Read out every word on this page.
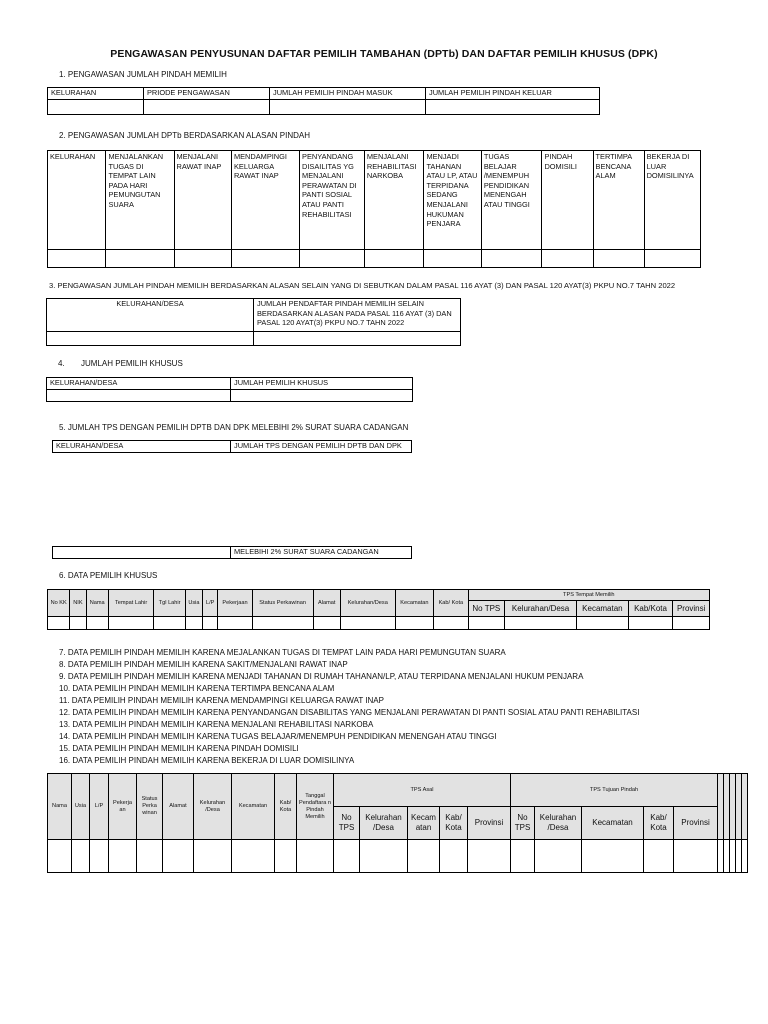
PENGAWASAN PENYUSUNAN DAFTAR PEMILIH TAMBAHAN (DPTb) DAN DAFTAR PEMILIH KHUSUS (DPK)
1. PENGAWASAN JUMLAH PINDAH MEMILIH
KELURAHAN	PRIODE PENGAWASAN	JUMLAH PEMILIH PINDAH MASUK	JUMLAH PEMILIH PINDAH KELUAR

2. PENGAWASAN JUMLAH DPTb BERDASARKAN ALASAN PINDAH
KELURAHAN	MENJALANKAN TUGAS DI TEMPAT LAIN PADA HARI PEMUNGUTAN SUARA	MENJALANI RAWAT INAP	MENDAMPINGI KELUARGA RAWAT INAP	PENYANDANG DISAILITAS YG MENJALANI PERAWATAN DI PANTI SOSIAL ATAU PANTI REHABILITASI	MENJALANI REHABILITASI NARKOBA	MENJADI TAHANAN ATAU LP, ATAU TERPIDANA SEDANG MENJALANI HUKUMAN PENJARA	TUGAS BELAJAR /MENEMPUH PENDIDIKAN MENENGAH ATAU TINGGI	PINDAH DOMISILI	TERTIMPA BENCANA ALAM	BEKERJA DI LUAR DOMISILINYA

3. PENGAWASAN JUMLAH PINDAH MEMILIH BERDASARKAN ALASAN SELAIN YANG DI SEBUTKAN DALAM PASAL 116 AYAT (3) DAN PASAL 120 AYAT(3) PKPU NO.7 TAHN 2022
KELURAHAN/DESA	JUMLAH PENDAFTAR PINDAH MEMILIH SELAIN BERDASARKAN ALASAN PADA PASAL 116 AYAT (3) DAN PASAL 120 AYAT(3) PKPU NO.7 TAHN 2022

4. JUMLAH PEMILIH KHUSUS
KELURAHAN/DESA	JUMLAH PEMILIH KHUSUS

5. JUMLAH TPS DENGAN PEMILIH DPTB DAN DPK MELEBIHI 2% SURAT SUARA CADANGAN
KELURAHAN/DESA	JUMLAH TPS DENGAN PEMILIH DPTB DAN DPK
	MELEBIHI 2% SURAT SUARA CADANGAN
6. DATA PEMILIH KHUSUS
No KK	NIK	Nama	Tempat Lahir	Tgl Lahir	Usia	L/P	Pekerjaan	Status Perkawinan	Alamat	Kelurahan/Desa	Kecamatan	Kab/ Kota	TPS Tempat Memilih				
													No TPS	Kelurahan/Desa	Kecamatan	Kab/Kota	Provinsi

7. DATA PEMILIH PINDAH MEMILIH KARENA MEJALANKAN TUGAS DI TEMPAT LAIN PADA HARI PEMUNGUTAN SUARA
8. DATA PEMILIH PINDAH MEMILIH KARENA SAKIT/MENJALANI RAWAT INAP
9. DATA PEMILIH PINDAH MEMILIH KARENA MENJADI TAHANAN DI RUMAH TAHANAN/LP, ATAU TERPIDANA MENJALANI HUKUM PENJARA
10. DATA PEMILIH PINDAH MEMILIH KARENA TERTIMPA BENCANA ALAM
11. DATA PEMILIH PINDAH MEMILIH KARENA MENDAMPINGI KELUARGA RAWAT INAP
12. DATA PEMILIH PINDAH MEMILIH KARENA PENYANDANGAN DISABILITAS YANG MENJALANI PERAWATAN DI PANTI SOSIAL ATAU PANTI REHABILITASI
13. DATA PEMILIH PINDAH MEMILIH KARENA MENJALANI REHABILITASI NARKOBA
14. DATA PEMILIH PINDAH MEMILIH KARENA TUGAS BELAJAR/MENEMPUH PENDIDIKAN MENENGAH ATAU TINGGI
15. DATA PEMILIH PINDAH MEMILIH KARENA PINDAH DOMISILI
16. DATA PEMILIH PINDAH MEMILIH KARENA BEKERJA DI LUAR DOMISILINYA
Nama	Usia	L/P	Pekerja an	Status Perka winan	Alamat	Kelurahan /Desa	Kecamatan	Kab/ Kota	Tanggal Pendaftara n Pindah Memilih	TPS Asal					TPS Tujuan Pindah									
										No TPS	Kelurahan /Desa	Kecam atan	Kab/ Kota	Provinsi	No TPS	Kelurahan /Desa	Kecamatan	Kab/ Kota	Provinsi					
